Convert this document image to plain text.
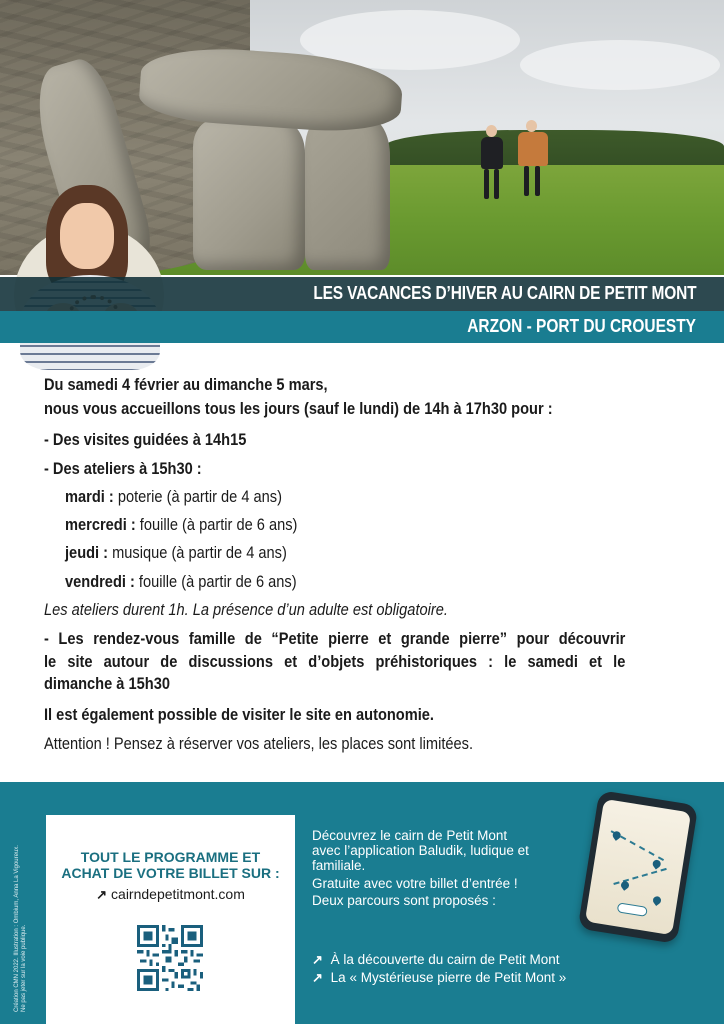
LES VACANCES D’HIVER AU CAIRN DE PETIT MONT
ARZON - PORT DU CROUESTY
Du samedi 4 février au dimanche 5 mars,
nous vous accueillons tous les jours (sauf le lundi) de 14h à 17h30 pour :
- Des visites guidées à 14h15
- Des ateliers à 15h30 :
mardi : poterie (à partir de 4 ans)
mercredi : fouille (à partir de 6 ans)
jeudi : musique (à partir de 4 ans)
vendredi : fouille (à partir de 6 ans)
Les ateliers durent 1h. La présence d’un adulte est obligatoire.
- Les rendez-vous famille de “Petite pierre et grande pierre” pour découvrir
le site autour de discussions et d’objets préhistoriques : le samedi et le
dimanche à 15h30
Il est également possible de visiter le site en autonomie.
Attention ! Pensez à réserver vos ateliers, les places sont limitées.
Création CMN 2022. Illustration : Ombium, Anna La Vigoureux. Ne pas jeter sur la voie publique.
TOUT LE PROGRAMME ET
ACHAT DE VOTRE BILLET SUR :
↗ cairndepetitmont.com
Découvrez le cairn de Petit Mont
avec l’application Baludik, ludique et
familiale.
Gratuite avec votre billet d’entrée !
Deux parcours sont proposés :
↗ À la découverte du cairn de Petit Mont
↗ La « Mystérieuse pierre de Petit Mont »
